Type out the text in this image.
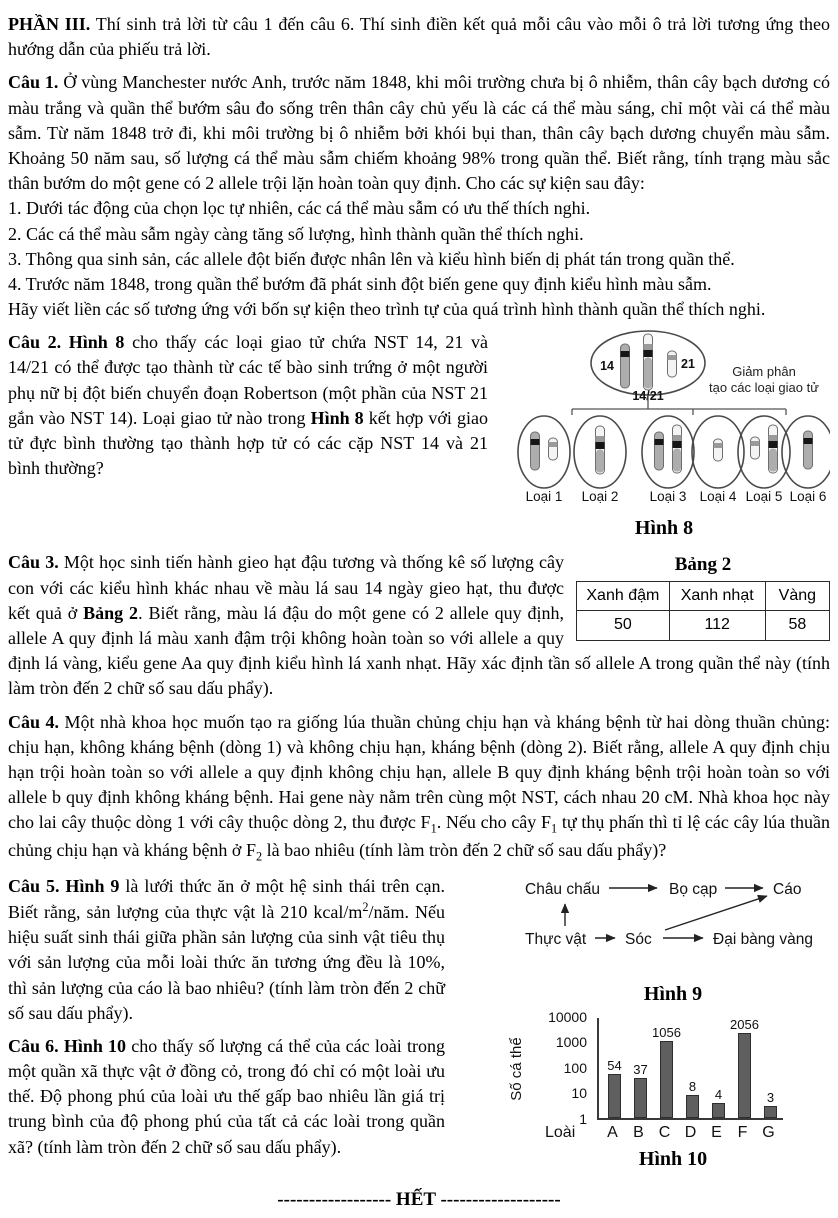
PHẦN III. Thí sinh trả lời từ câu 1 đến câu 6. Thí sinh điền kết quả mỗi câu vào mỗi ô trả lời tương ứng theo hướng dẫn của phiếu trả lời.

Câu 1. Ở vùng Manchester nước Anh, trước năm 1848, khi môi trường chưa bị ô nhiễm, thân cây bạch dương có màu trắng và quần thể bướm sâu đo sống trên thân cây chủ yếu là các cá thể màu sáng, chỉ một vài cá thể màu sẫm. Từ năm 1848 trở đi, khi môi trường bị ô nhiễm bởi khói bụi than, thân cây bạch dương chuyển màu sẫm. Khoảng 50 năm sau, số lượng cá thể màu sẫm chiếm khoảng 98% trong quần thể. Biết rằng, tính trạng màu sắc thân bướm do một gene có 2 allele trội lặn hoàn toàn quy định. Cho các sự kiện sau đây:

1. Dưới tác động của chọn lọc tự nhiên, các cá thể màu sẫm có ưu thế thích nghi.
2. Các cá thể màu sẫm ngày càng tăng số lượng, hình thành quần thể thích nghi.
3. Thông qua sinh sản, các allele đột biến được nhân lên và kiểu hình biến dị phát tán trong quần thể.
4. Trước năm 1848, trong quần thể bướm đã phát sinh đột biến gene quy định kiểu hình màu sẫm.
Hãy viết liền các số tương ứng với bốn sự kiện theo trình tự của quá trình hình thành quần thể thích nghi.
14	21
14/21
Giảm phân
tạo các loại giao tử
Loại 1 Loại 2 Loại 3 Loại 4 Loại 5 Loại 6
Hình 8

Câu 2. Hình 8 cho thấy các loại giao tử chứa NST 14, 21 và 14/21 có thể được tạo thành từ các tế bào sinh trứng ở một người phụ nữ bị đột biến chuyển đoạn Robertson (một phần của NST 21 gắn vào NST 14). Loại giao tử nào trong Hình 8 kết hợp với giao tử đực bình thường tạo thành hợp tử có các cặp NST 14 và 21 bình thường?

Bảng 2
Xanh đậm	Xanh nhạt	Vàng
50	112	58

Câu 3. Một học sinh tiến hành gieo hạt đậu tương và thống kê số lượng cây con với các kiểu hình khác nhau về màu lá sau 14 ngày gieo hạt, thu được kết quả ở Bảng 2. Biết rằng, màu lá đậu do một gene có 2 allele quy định, allele A quy định lá màu xanh đậm trội không hoàn toàn so với allele a quy định lá vàng, kiểu gene Aa quy định kiểu hình lá xanh nhạt. Hãy xác định tần số allele A trong quần thể này (tính làm tròn đến 2 chữ số sau dấu phẩy).

Câu 4. Một nhà khoa học muốn tạo ra giống lúa thuần chủng chịu hạn và kháng bệnh từ hai dòng thuần chủng: chịu hạn, không kháng bệnh (dòng 1) và không chịu hạn, kháng bệnh (dòng 2). Biết rằng, allele A quy định chịu hạn trội hoàn toàn so với allele a quy định không chịu hạn, allele B quy định kháng bệnh trội hoàn toàn so với allele b quy định không kháng bệnh. Hai gene này nằm trên cùng một NST, cách nhau 20 cM. Nhà khoa học này cho lai cây thuộc dòng 1 với cây thuộc dòng 2, thu được $F_1$. Nếu cho cây $F_1$ tự thụ phấn thì tỉ lệ các cây lúa thuần chủng chịu hạn và kháng bệnh ở $F_2$ là bao nhiêu (tính làm tròn đến 2 chữ số sau dấu phẩy)?

Châu chấu	Bọ cạp	Cáo
Thực vật	Sóc	Đại bàng vàng
Hình 9
Số cá thể
10000
1000
100
10
1
54 37
1056
8
4
2056
3
Loài	A B C D E F G
Hình 10

Câu 5. Hình 9 là lưới thức ăn ở một hệ sinh thái trên cạn. Biết rằng, sản lượng của thực vật là 210 kcal/$m^2$/năm. Nếu hiệu suất sinh thái giữa phần sản lượng của sinh vật tiêu thụ với sản lượng của mỗi loài thức ăn tương ứng đều là 10%, thì sản lượng của cáo là bao nhiêu? (tính làm tròn đến 2 chữ số sau dấu phẩy).

Câu 6. Hình 10 cho thấy số lượng cá thể của các loài trong một quần xã thực vật ở đồng cỏ, trong đó chỉ có một loài ưu thế. Độ phong phú của loài ưu thế gấp bao nhiêu lần giá trị trung bình của độ phong phú của tất cả các loài trong quần xã? (tính làm tròn đến 2 chữ số sau dấu phẩy).

------------------ HẾT -------------------
